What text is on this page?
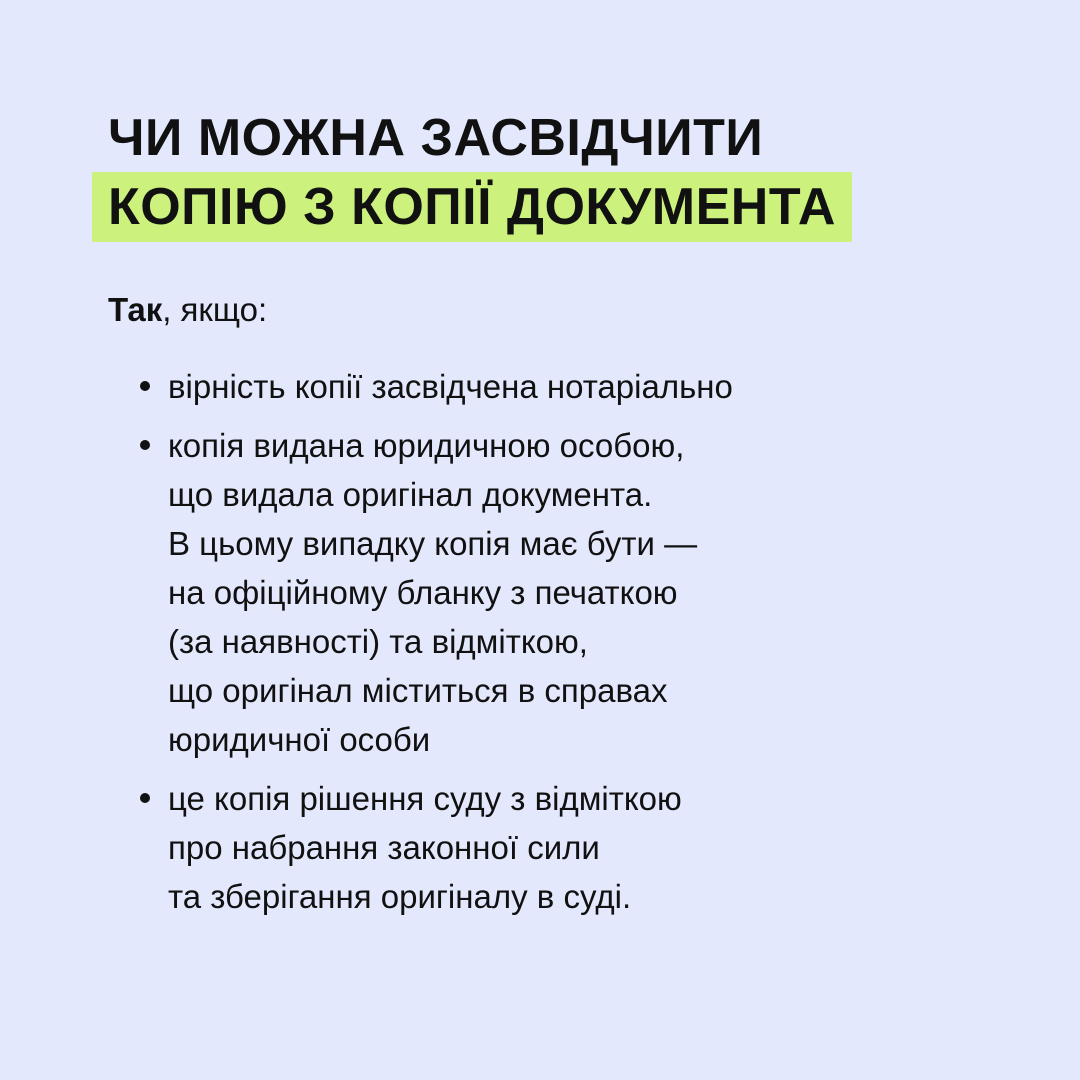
ЧИ МОЖНА ЗАСВІДЧИТИ
КОПІЮ З КОПІЇ ДОКУМЕНТА
Так, якщо:
вірність копії засвідчена нотаріально
копія видана юридичною особою,
що видала оригінал документа.
В цьому випадку копія має бути —
на офіційному бланку з печаткою
(за наявності) та відміткою,
що оригінал міститься в справах
юридичної особи
це копія рішення суду з відміткою
про набрання законної сили
та зберігання оригіналу в суді.
